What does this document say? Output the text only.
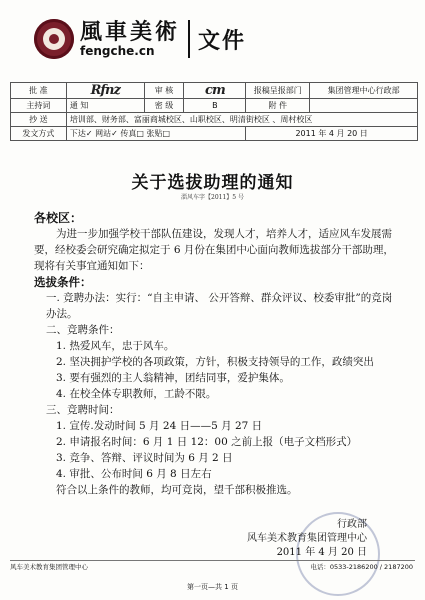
風車美術
fengche.cn	文件
批 准	Rfnz	审 核	cm	报稿呈报部门	集团管理中心行政部
主持词	通 知	密 级	B	附 件	
抄 送	培训部、财务部、富丽商城校区、山职校区、明清街校区 、周村校区				
发文方式	下达✓ 网站✓ 传真□ 张贴□			2011 年 4 月 20 日	
关于选拔助理的通知
淄风车字【2011】5 号

各校区：

为进一步加强学校干部队伍建设，发现人才，培养人才，适应风车发展需要，经校委会研究确定拟定于 6 月份在集团中心面向教师选拔部分干部助理，现将有关事宜通知如下：

选拔条件：

一. 竞聘办法：实行：“自主申请、 公开答辩、群众评议、校委审批”的竞岗办法。

二、竞聘条件：

1. 热爱风车，忠于风车。

2. 坚决拥护学校的各项政策，方针，积极支持领导的工作，政绩突出

3. 要有强烈的主人翁精神，团结同事，爱护集体。

4. 在校全体专职教师，工龄不限。

三、竞聘时间：

1. 宣传.发动时间 5 月 24 日——5 月 27 日

2. 申请报名时间：6 月 1 日 12：00 之前上报（电子文档形式）

3. 竞争、答辩、评议时间为 6 月 2 日

4. 审批、公布时间 6 月 8 日左右

符合以上条件的教师，均可竞岗，望千部积极推选。

行政部
风车美术教育集团管理中心
2011 年 4 月 20 日
风车美术教育集团管理中心	电话：0533-2186200 / 2187200
第一页—共 1 页
